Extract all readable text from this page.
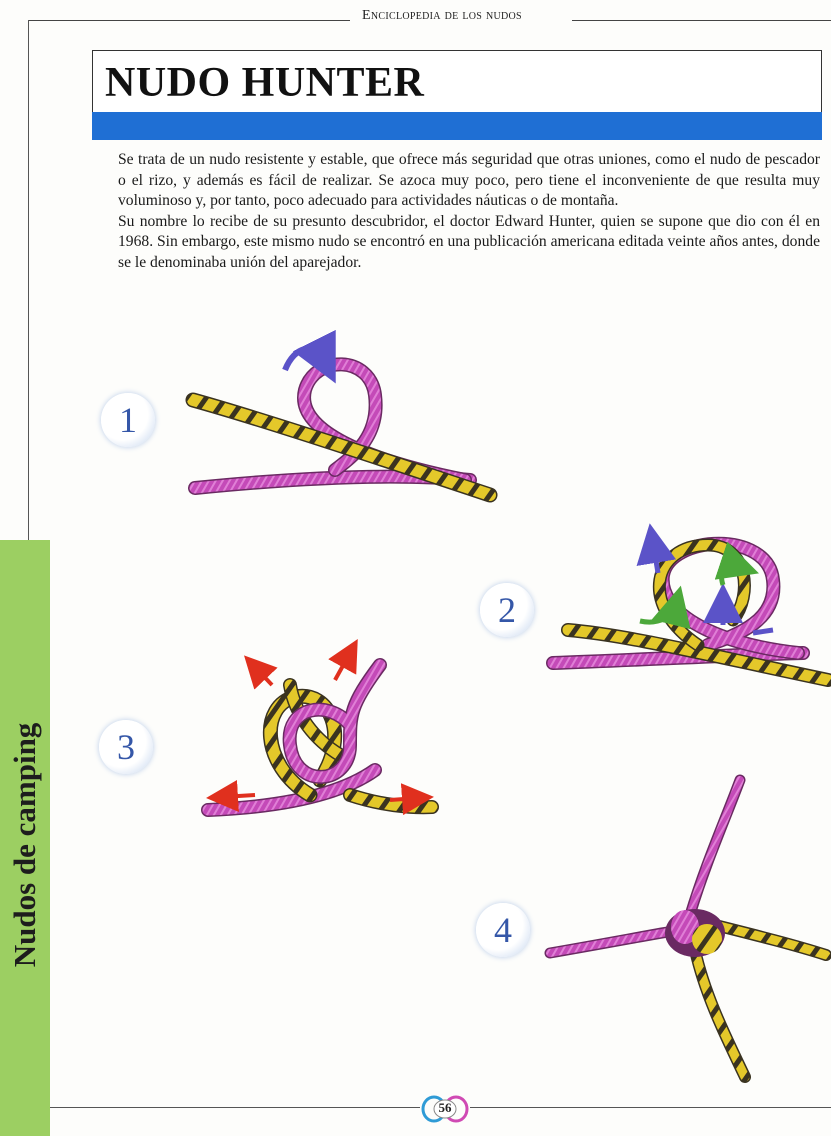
Enciclopedia de los nudos
NUDO HUNTER

Se trata de un nudo resistente y estable, que ofrece más seguridad que otras uniones, como el nudo de pescador o el rizo, y además es fácil de realizar. Se azoca muy poco, pero tiene el inconveniente de que resulta muy voluminoso y, por tanto, poco adecuado para actividades náuticas o de montaña.

Su nombre lo recibe de su presunto descubridor, el doctor Edward Hunter, quien se supone que dio con él en 1968. Sin embargo, este mismo nudo se encontró en una publicación americana editada veinte años antes, donde se le denominaba unión del aparejador.

Nudos de camping
1
2
3
4
56
